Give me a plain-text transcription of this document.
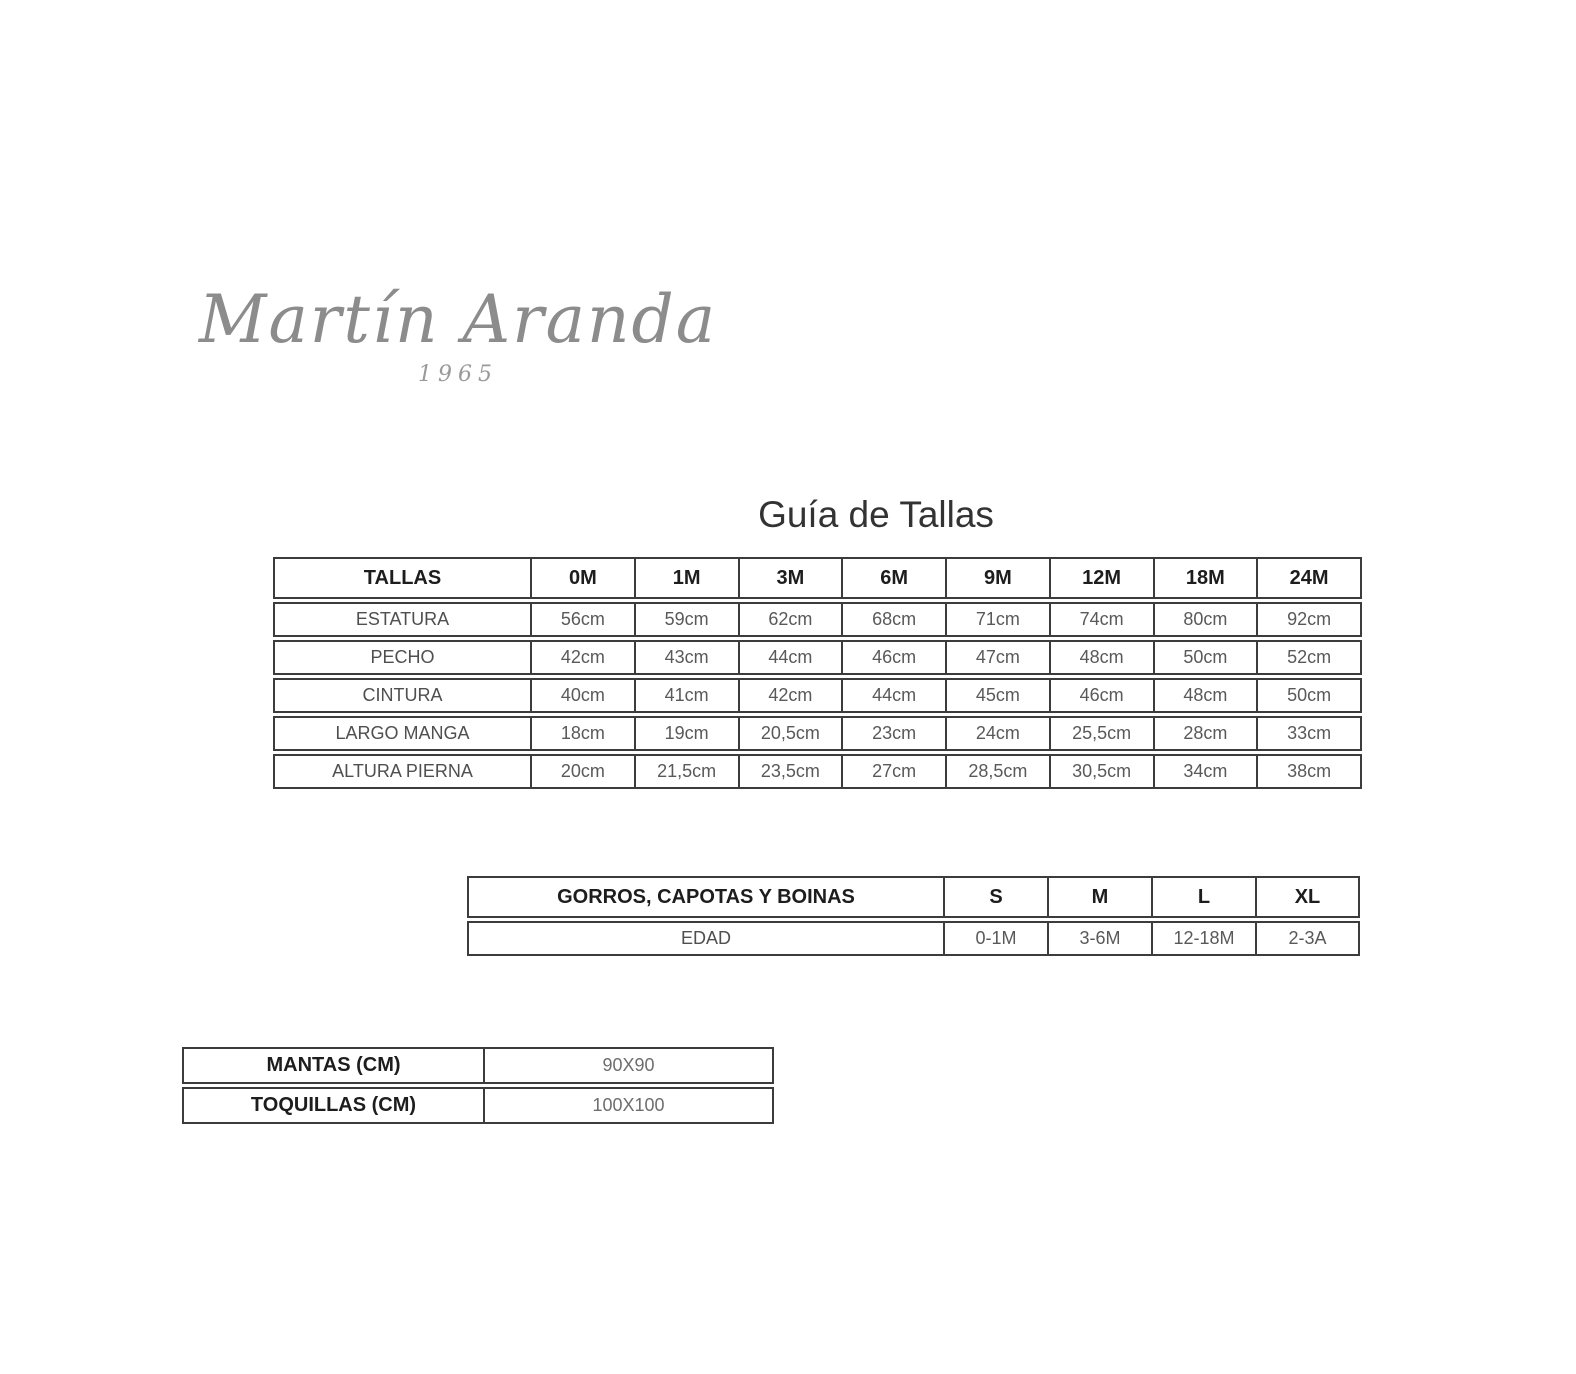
Martín Aranda
1965
Guía de Tallas
TALLAS	0M	1M	3M	6M	9M	12M	18M	24M
ESTATURA	56cm	59cm	62cm	68cm	71cm	74cm	80cm	92cm
PECHO	42cm	43cm	44cm	46cm	47cm	48cm	50cm	52cm
CINTURA	40cm	41cm	42cm	44cm	45cm	46cm	48cm	50cm
LARGO MANGA	18cm	19cm	20,5cm	23cm	24cm	25,5cm	28cm	33cm
ALTURA PIERNA	20cm	21,5cm	23,5cm	27cm	28,5cm	30,5cm	34cm	38cm
GORROS, CAPOTAS Y BOINAS	S	M	L	XL
EDAD	0-1M	3-6M	12-18M	2-3A
MANTAS (CM)	90X90
TOQUILLAS (CM)	100X100
